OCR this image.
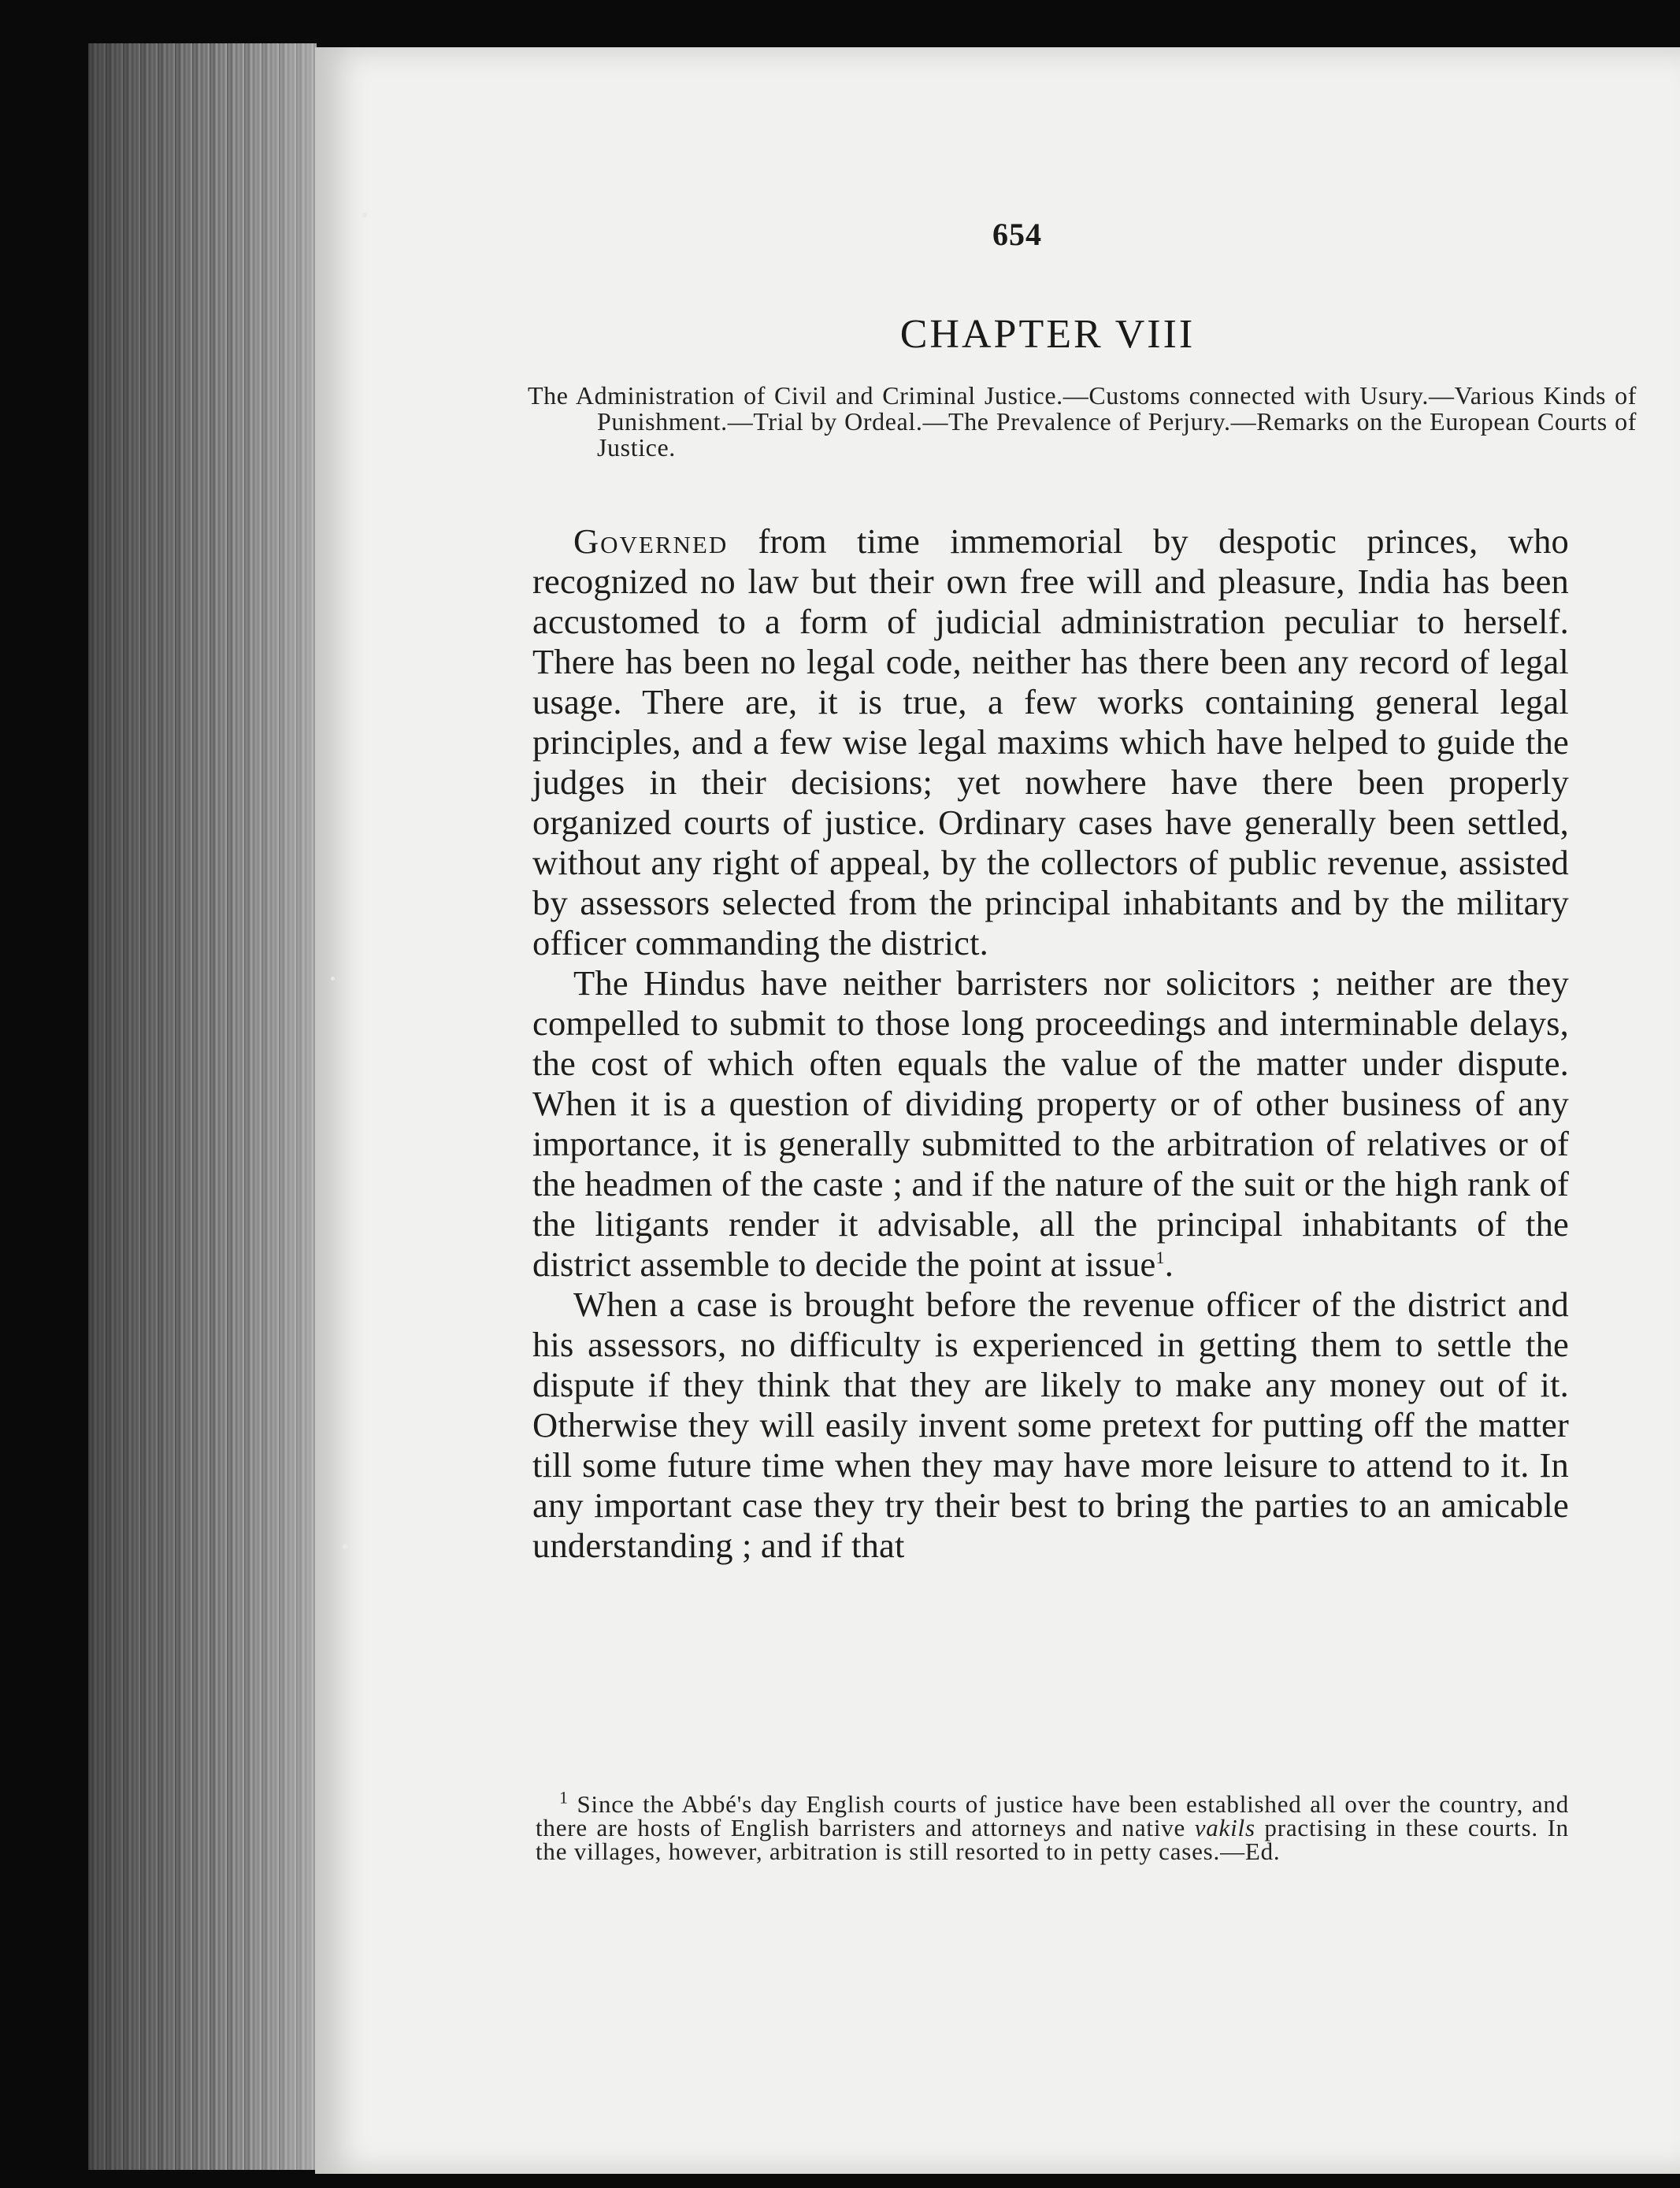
654
CHAPTER VIII
The Administration of Civil and Criminal Justice.—Customs connected with Usury.—Various Kinds of Punishment.—Trial by Ordeal.—The Prevalence of Perjury.—Remarks on the European Courts of Justice.

Governed from time immemorial by despotic princes, who recognized no law but their own free will and pleasure, India has been accustomed to a form of judicial administration peculiar to herself. There has been no legal code, neither has there been any record of legal usage. There are, it is true, a few works containing general legal principles, and a few wise legal maxims which have helped to guide the judges in their decisions; yet nowhere have there been properly organized courts of justice. Ordinary cases have generally been settled, without any right of appeal, by the collectors of public revenue, assisted by assessors selected from the principal inhabitants and by the military officer commanding the district.

The Hindus have neither barristers nor solicitors ; neither are they compelled to submit to those long proceedings and interminable delays, the cost of which often equals the value of the matter under dispute. When it is a question of dividing property or of other business of any importance, it is generally submitted to the arbitration of relatives or of the headmen of the caste ; and if the nature of the suit or the high rank of the litigants render it advisable, all the principal inhabitants of the district assemble to decide the point at issue$^1$.

When a case is brought before the revenue officer of the district and his assessors, no difficulty is experienced in getting them to settle the dispute if they think that they are likely to make any money out of it. Otherwise they will easily invent some pretext for putting off the matter till some future time when they may have more leisure to attend to it. In any important case they try their best to bring the parties to an amicable understanding ; and if that

$^1$ Since the Abbé's day English courts of justice have been established all over the country, and there are hosts of English barristers and attorneys and native vakils practising in these courts. In the villages, however, arbitration is still resorted to in petty cases.—Ed.
